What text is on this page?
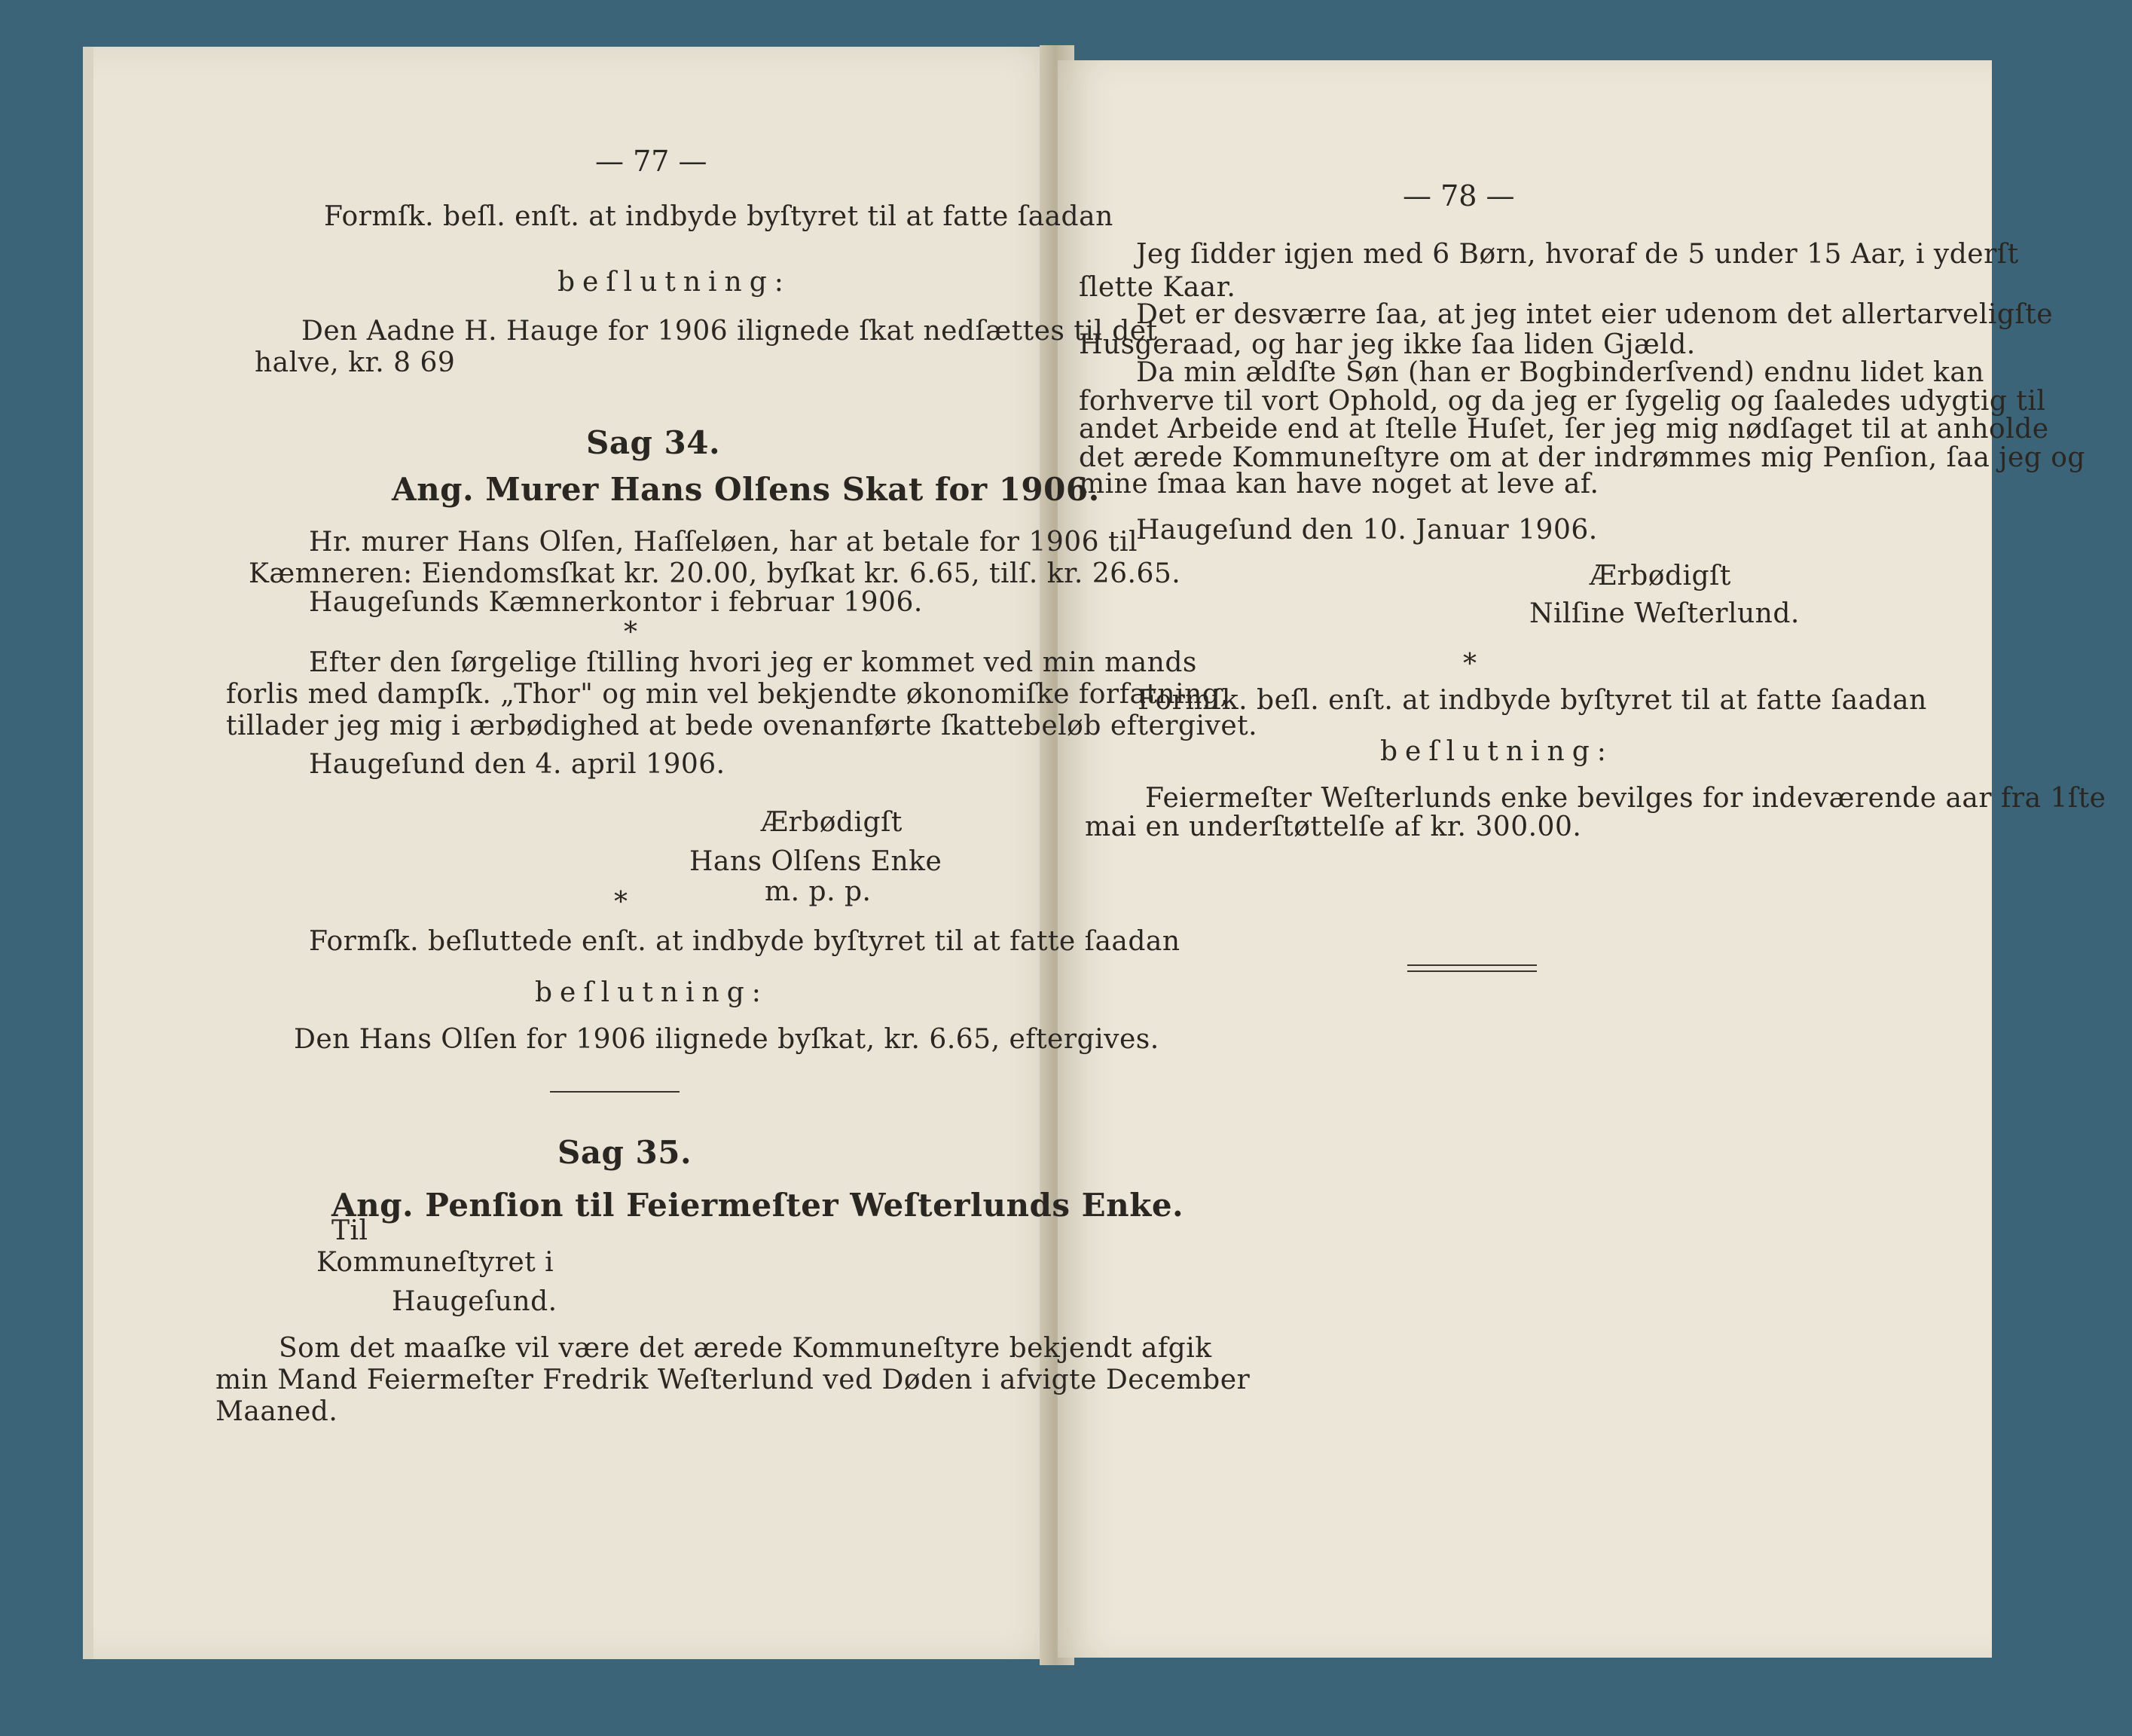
— 77 —
Formſk. beſl. enſt. at indbyde byſtyret til at fatte ſaadan
beſlutning:
Den Aadne H. Hauge for 1906 ilignede ſkat nedſættes til det
halve, kr. 8 69
Sag 34.
Ang. Murer Hans Olſens Skat for 1906.
Hr. murer Hans Olſen, Haſſeløen, har at betale for 1906 til
Kæmneren: Eiendomsſkat kr. 20.00, byſkat kr. 6.65, tilſ. kr. 26.65.
Haugeſunds Kæmnerkontor i februar 1906.
*
Efter den ſørgelige ſtilling hvori jeg er kommet ved min mands
forlis med dampſk. „Thor" og min vel bekjendte økonomiſke forfatning,
tillader jeg mig i ærbødighed at bede ovenanførte ſkattebeløb eftergivet.
Haugeſund den 4. april 1906.
Ærbødigſt
Hans Olſens Enke
m. p. p.
*
Formſk. beſluttede enſt. at indbyde byſtyret til at fatte ſaadan
beſlutning:
Den Hans Olſen for 1906 ilignede byſkat, kr. 6.65, eftergives.
Sag 35.
Ang. Penſion til Feiermeſter Weſterlunds Enke.
Til
Kommuneſtyret i
Haugeſund.
Som det maaſke vil være det ærede Kommuneſtyre bekjendt afgik
min Mand Feiermeſter Fredrik Weſterlund ved Døden i afvigte December
Maaned.
— 78 —
Jeg ſidder igjen med 6 Børn, hvoraf de 5 under 15 Aar, i yderſt
ſlette Kaar.
Det er desværre ſaa, at jeg intet eier udenom det allertarveligſte
Husgeraad, og har jeg ikke ſaa liden Gjæld.
Da min ældſte Søn (han er Bogbinderſvend) endnu lidet kan
forhverve til vort Ophold, og da jeg er ſygelig og ſaaledes udygtig til
andet Arbeide end at ſtelle Huſet, ſer jeg mig nødſaget til at anholde
det ærede Kommuneſtyre om at der indrømmes mig Penſion, ſaa jeg og
mine ſmaa kan have noget at leve af.
Haugeſund den 10. Januar 1906.
Ærbødigſt
Nilſine Weſterlund.
*
Formſk. beſl. enſt. at indbyde byſtyret til at fatte ſaadan
beſlutning:
Feiermeſter Weſterlunds enke bevilges for indeværende aar fra 1ſte
mai en underſtøttelſe af kr. 300.00.
